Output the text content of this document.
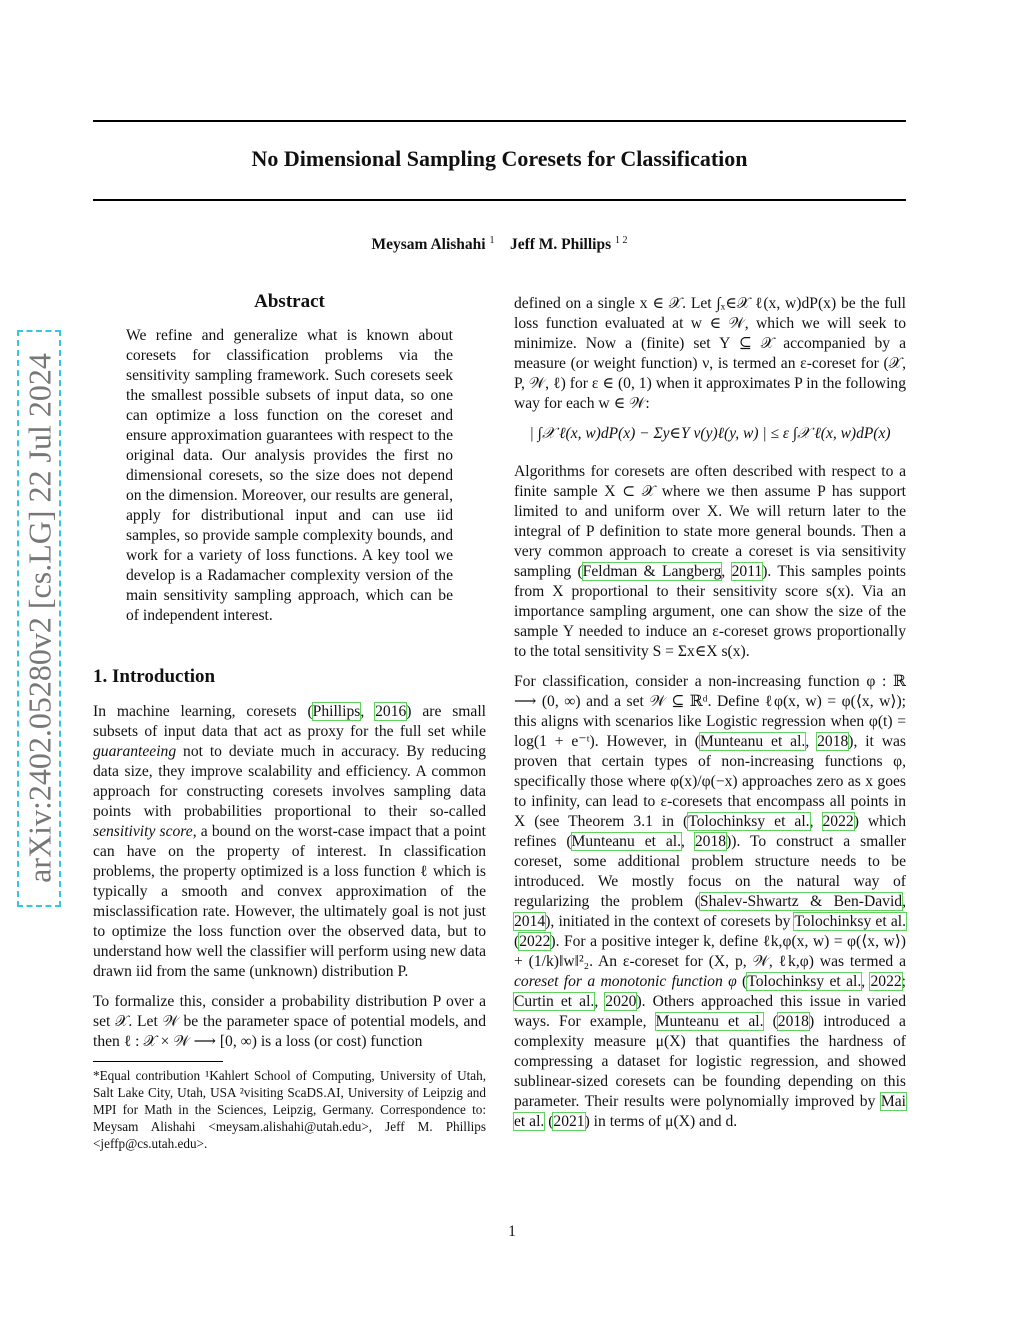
No Dimensional Sampling Coresets for Classification
Meysam Alishahi $^1$ Jeff M. Phillips $^{1 2}$
arXiv:2402.05280v2 [cs.LG] 22 Jul 2024
Abstract

We refine and generalize what is known about coresets for classification problems via the sensitivity sampling framework. Such coresets seek the smallest possible subsets of input data, so one can optimize a loss function on the coreset and ensure approximation guarantees with respect to the original data. Our analysis provides the first no dimensional coresets, so the size does not depend on the dimension. Moreover, our results are general, apply for distributional input and can use iid samples, so provide sample complexity bounds, and work for a variety of loss functions. A key tool we develop is a Radamacher complexity version of the main sensitivity sampling approach, which can be of independent interest.

1. Introduction

In machine learning, coresets (Phillips, 2016) are small subsets of input data that act as proxy for the full set while guaranteeing not to deviate much in accuracy. By reducing data size, they improve scalability and efficiency. A common approach for constructing coresets involves sampling data points with probabilities proportional to their so-called sensitivity score, a bound on the worst-case impact that a point can have on the property of interest. In classification problems, the property optimized is a loss function ℓ which is typically a smooth and convex approximation of the misclassification rate. However, the ultimately goal is not just to optimize the loss function over the observed data, but to understand how well the classifier will perform using new data drawn iid from the same (unknown) distribution P.

To formalize this, consider a probability distribution P over a set 𝒳. Let 𝒲 be the parameter space of potential models, and then ℓ : 𝒳 × 𝒲 ⟶ [0, ∞) is a loss (or cost) function

*Equal contribution ¹Kahlert School of Computing, University of Utah, Salt Lake City, Utah, USA ²visiting ScaDS.AI, University of Leipzig and MPI for Math in the Sciences, Leipzig, Germany. Correspondence to: Meysam Alishahi <meysam.alishahi@utah.edu>, Jeff M. Phillips <jeffp@cs.utah.edu>.

defined on a single x ∈ 𝒳. Let ∫ₓ∈𝒳 ℓ(x, w)dP(x) be the full loss function evaluated at w ∈ 𝒲, which we will seek to minimize. Now a (finite) set Y ⊆ 𝒳 accompanied by a measure (or weight function) ν, is termed an ε-coreset for (𝒳, P, 𝒲, ℓ) for ε ∈ (0, 1) when it approximates P in the following way for each w ∈ 𝒲:

| ∫𝒳 ℓ(x, w)dP(x) − Σy∈Y ν(y)ℓ(y, w) | ≤ ε ∫𝒳 ℓ(x, w)dP(x)

Algorithms for coresets are often described with respect to a finite sample X ⊂ 𝒳 where we then assume P has support limited to and uniform over X. We will return later to the integral of P definition to state more general bounds. Then a very common approach to create a coreset is via sensitivity sampling (Feldman & Langberg, 2011). This samples points from X proportional to their sensitivity score s(x). Via an importance sampling argument, one can show the size of the sample Y needed to induce an ε-coreset grows proportionally to the total sensitivity S = Σx∈X s(x).

For classification, consider a non-increasing function φ : ℝ ⟶ (0, ∞) and a set 𝒲 ⊆ ℝᵈ. Define ℓφ(x, w) = φ(⟨x, w⟩); this aligns with scenarios like Logistic regression when φ(t) = log(1 + e⁻ᵗ). However, in (Munteanu et al., 2018), it was proven that certain types of non-increasing functions φ, specifically those where φ(x)/φ(−x) approaches zero as x goes to infinity, can lead to ε-coresets that encompass all points in X (see Theorem 3.1 in (Tolochinksy et al., 2022) which refines (Munteanu et al., 2018)). To construct a smaller coreset, some additional problem structure needs to be introduced. We mostly focus on the natural way of regularizing the problem (Shalev-Shwartz & Ben-David, 2014), initiated in the context of coresets by Tolochinksy et al. (2022). For a positive integer k, define ℓk,φ(x, w) = φ(⟨x, w⟩) + (1/k)‖w‖²₂. An ε-coreset for (X, p, 𝒲, ℓk,φ) was termed a coreset for a monotonic function φ (Tolochinksy et al., 2022; Curtin et al., 2020). Others approached this issue in varied ways. For example, Munteanu et al. (2018) introduced a complexity measure μ(X) that quantifies the hardness of compressing a dataset for logistic regression, and showed sublinear-sized coresets can be founding depending on this parameter. Their results were polynomially improved by Mai et al. (2021) in terms of μ(X) and d.

1
